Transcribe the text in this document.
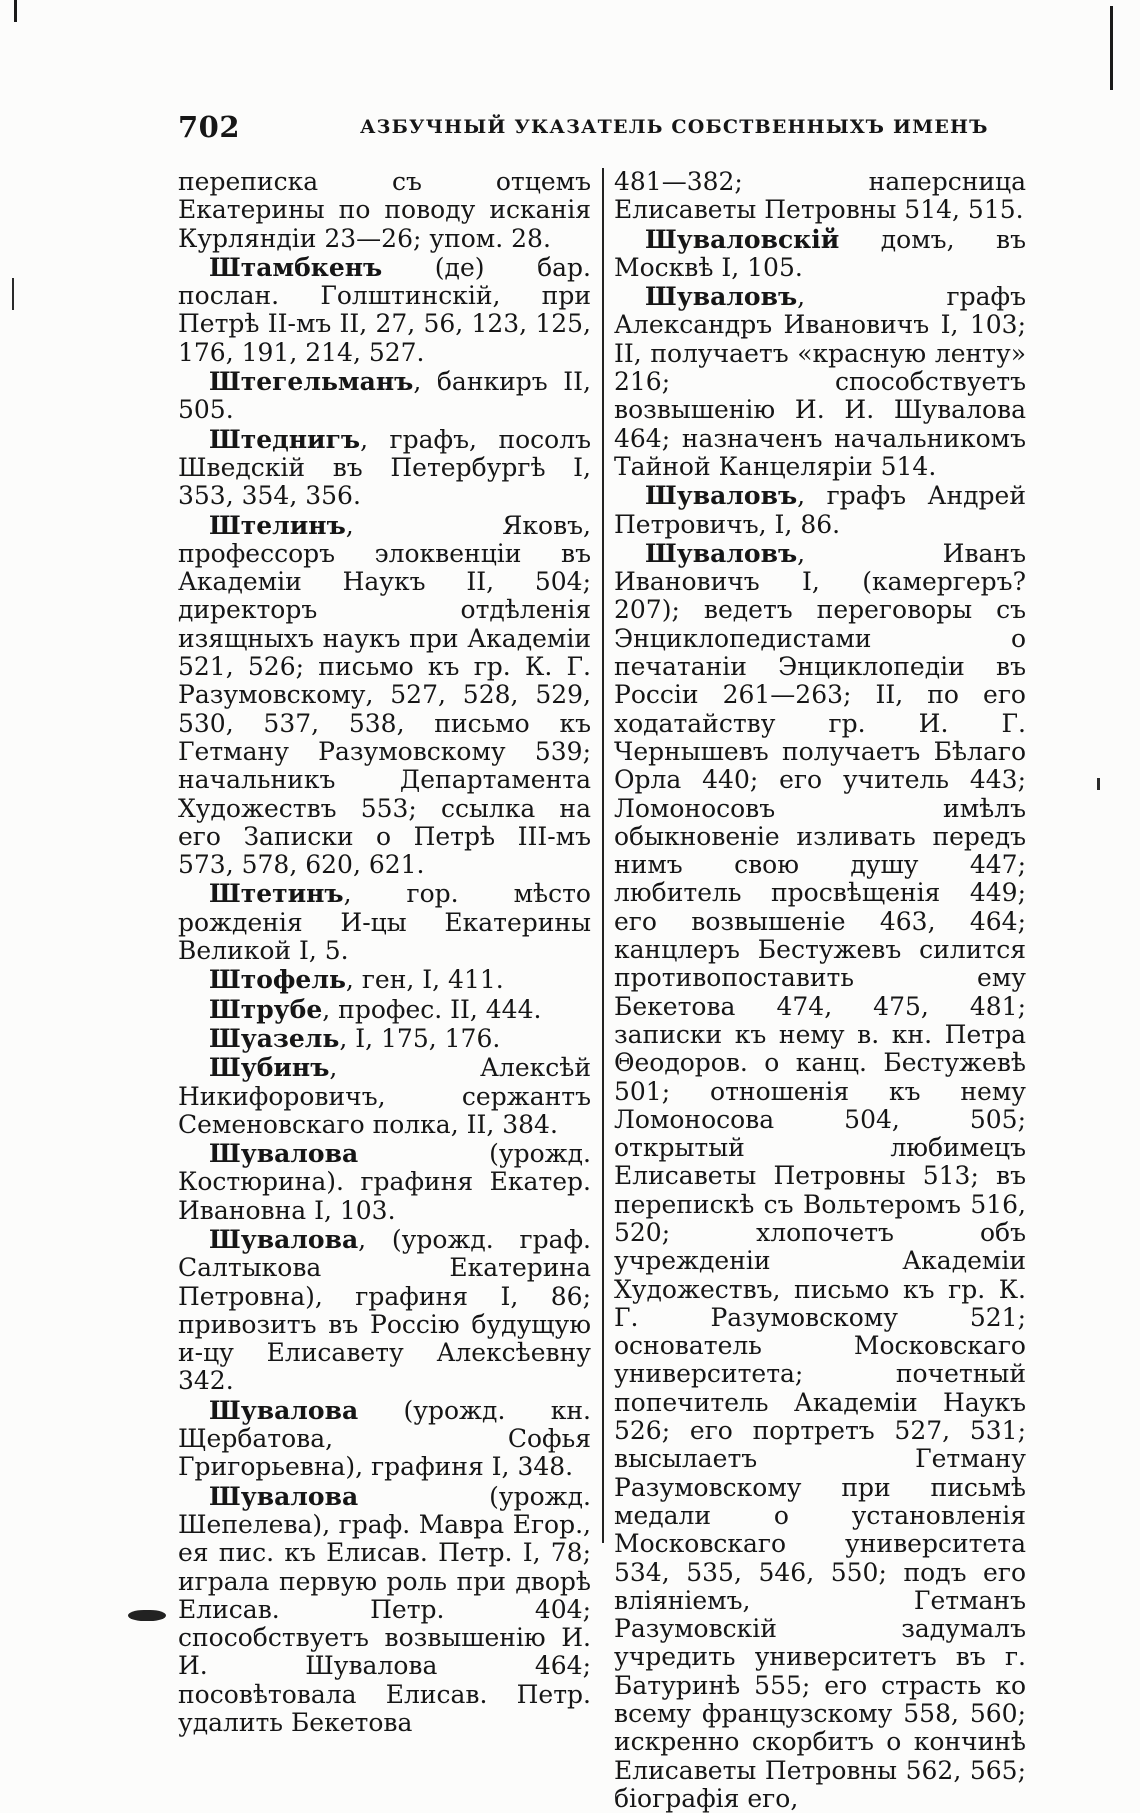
702	АЗБУЧНЫЙ УКАЗАТЕЛЬ СОБСТВЕННЫХЪ ИМЕНЪ

переписка съ отцемъ Екатерины по поводу исканія Курляндіи 23—26; упом. 28.

Штамбкенъ (де) бар. послан. Голштинскій, при Петрѣ II-мъ II, 27, 56, 123, 125, 176, 191, 214, 527.

Штегельманъ, банкиръ II, 505.

Штеднигъ, графъ, посолъ Шведскій въ Петербургѣ I, 353, 354, 356.

Штелинъ, Яковъ, профессоръ элоквенціи въ Академіи Наукъ II, 504; директоръ отдѣленія изящныхъ наукъ при Академіи 521, 526; письмо къ гр. К. Г. Разумовскому, 527, 528, 529, 530, 537, 538, письмо къ Гетману Разумовскому 539; начальникъ Департамента Художествъ 553; ссылка на его Записки о Петрѣ III-мъ 573, 578, 620, 621.

Штетинъ, гор. мѣсто рожденія И-цы Екатерины Великой I, 5.

Штофель, ген, I, 411.

Штрубе, профес. II, 444.

Шуазель, I, 175, 176.

Шубинъ, Алексѣй Никифоровичъ, сержантъ Семеновскаго полка, II, 384.

Шувалова (урожд. Костюрина). графиня Екатер. Ивановна I, 103.

Шувалова, (урожд. граф. Салтыкова Екатерина Петровна), графиня I, 86; привозитъ въ Россію будущую и-цу Елисавету Алексѣевну 342.

Шувалова (урожд. кн. Щербатова, Софья Григорьевна), графиня I, 348.

Шувалова (урожд. Шепелева), граф. Мавра Егор., ея пис. къ Елисав. Петр. I, 78; играла первую роль при дворѣ Елисав. Петр. 404; способствуетъ возвышенію И. И. Шувалова 464; посовѣтовала Елисав. Петр. удалить Бекетова

481—382; наперсница Елисаветы Петровны 514, 515.

Шуваловскій домъ, въ Москвѣ I, 105.

Шуваловъ, графъ Александръ Ивановичъ I, 103; II, получаетъ «красную ленту» 216; способствуетъ возвышенію И. И. Шувалова 464; назначенъ начальникомъ Тайной Канцеляріи 514.

Шуваловъ, графъ Андрей Петровичъ, I, 86.

Шуваловъ, Иванъ Ивановичъ I, (камергеръ? 207); ведетъ переговоры съ Энциклопедистами о печатаніи Энциклопедіи въ Россіи 261—263; II, по его ходатайству гр. И. Г. Чернышевъ получаетъ Бѣлаго Орла 440; его учитель 443; Ломоносовъ имѣлъ обыкновеніе изливать передъ нимъ свою душу 447; любитель просвѣщенія 449; его возвышеніе 463, 464; канцлеръ Бестужевъ силится противопоставить ему Бекетова 474, 475, 481; записки къ нему в. кн. Петра Θеодоров. о канц. Бестужевѣ 501; отношенія къ нему Ломоносова 504, 505; открытый любимецъ Елисаветы Петровны 513; въ перепискѣ съ Вольтеромъ 516, 520; хлопочетъ объ учрежденіи Академіи Художествъ, письмо къ гр. К. Г. Разумовскому 521; основатель Московскаго университета; почетный попечитель Академіи Наукъ 526; его портретъ 527, 531; высылаетъ Гетману Разумовскому при письмѣ медали о установленія Московскаго университета 534, 535, 546, 550; подъ его вліяніемъ, Гетманъ Разумовскій задумалъ учредить университетъ въ г. Батуринѣ 555; его страсть ко всему французскому 558, 560; искренно скорбитъ о кончинѣ Елисаветы Петровны 562, 565; біографія его,
